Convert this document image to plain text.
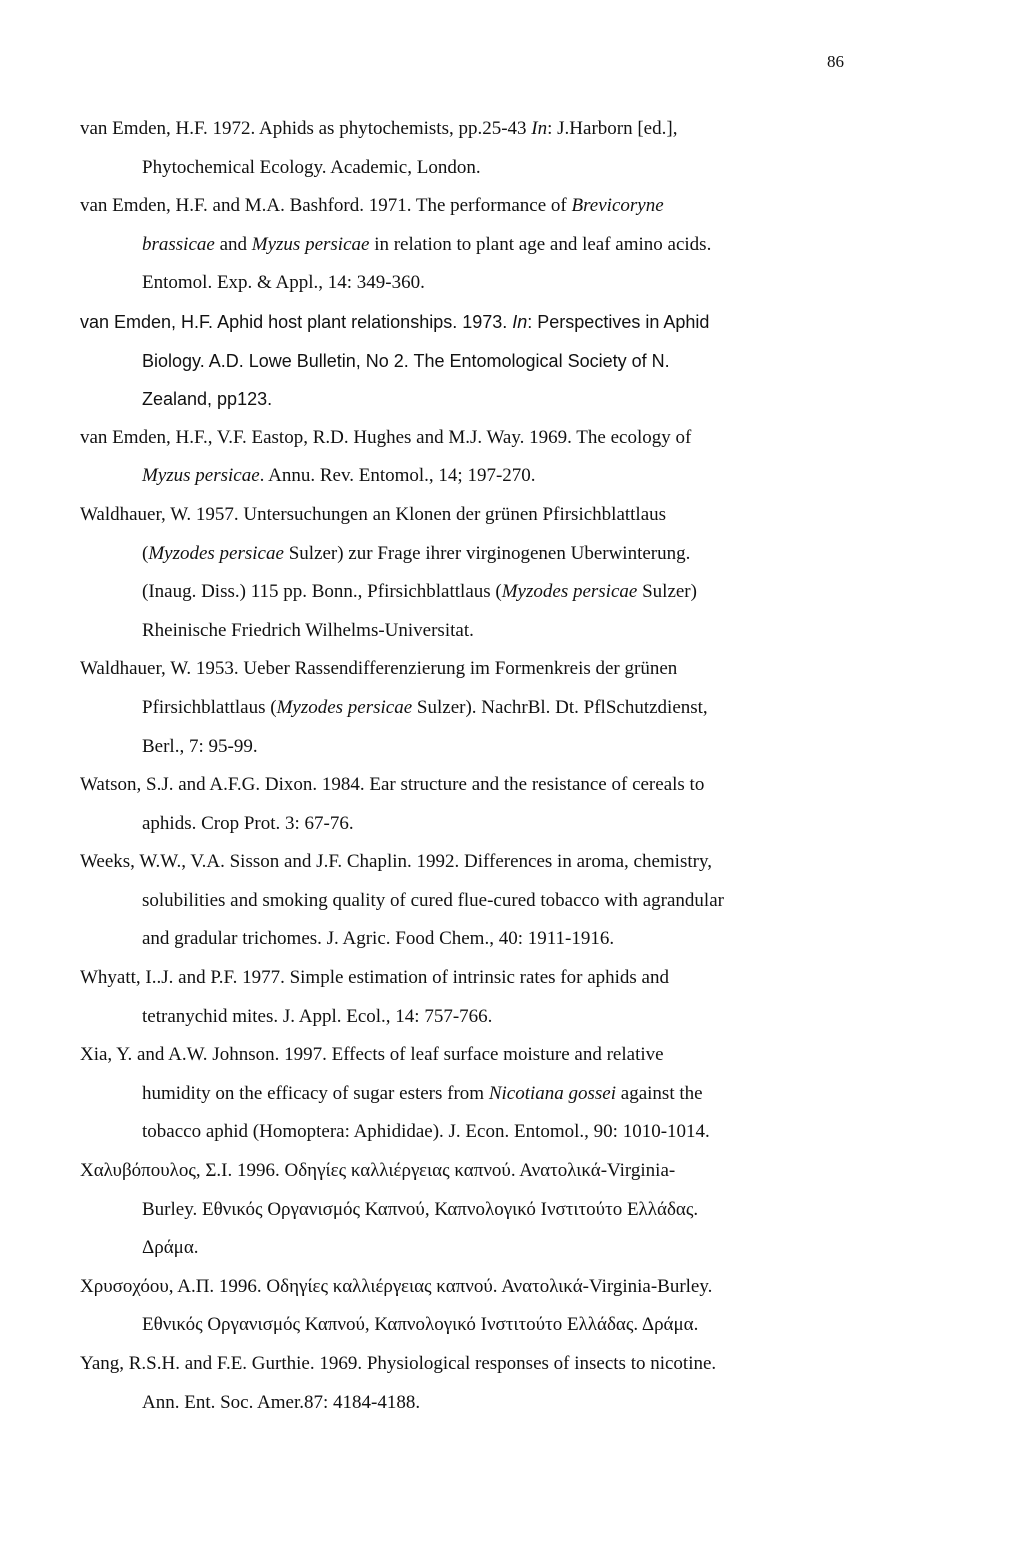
86

van Emden, H.F. 1972. Aphids as phytochemists, pp.25-43 In: J.Harborn [ed.],
Phytochemical Ecology. Academic, London.

van Emden, H.F. and M.A. Bashford. 1971. The performance of Brevicoryne
brassicae and Myzus persicae in relation to plant age and leaf amino acids.
Entomol. Exp. & Appl., 14: 349-360.

van Emden, H.F. Aphid host plant relationships. 1973. In: Perspectives in Aphid
Biology. A.D. Lowe Bulletin, No 2. The Entomological Society of N.
Zealand, pp123.

van Emden, H.F., V.F. Eastop, R.D. Hughes and M.J. Way. 1969. The ecology of
Myzus persicae. Annu. Rev. Entomol., 14; 197-270.

Waldhauer, W. 1957. Untersuchungen an Klonen der grünen Pfirsichblattlaus
(Myzodes persicae Sulzer) zur Frage ihrer virginogenen Uberwinterung.
(Inaug. Diss.) 115 pp. Bonn., Pfirsichblattlaus (Myzodes persicae Sulzer)
Rheinische Friedrich Wilhelms-Universitat.

Waldhauer, W. 1953. Ueber Rassendifferenzierung im Formenkreis der grünen
Pfirsichblattlaus (Myzodes persicae Sulzer). NachrBl. Dt. PflSchutzdienst,
Berl., 7: 95-99.

Watson, S.J. and A.F.G. Dixon. 1984. Ear structure and the resistance of cereals to
aphids. Crop Prot. 3: 67-76.

Weeks, W.W., V.A. Sisson and J.F. Chaplin. 1992. Differences in aroma, chemistry,
solubilities and smoking quality of cured flue-cured tobacco with agrandular
and gradular trichomes. J. Agric. Food Chem., 40: 1911-1916.

Whyatt, I..J. and P.F. 1977. Simple estimation of intrinsic rates for aphids and
tetranychid mites. J. Appl. Ecol., 14: 757-766.

Xia, Y. and A.W. Johnson. 1997. Effects of leaf surface moisture and relative
humidity on the efficacy of sugar esters from Nicotiana gossei against the
tobacco aphid (Homoptera: Aphididae). J. Econ. Entomol., 90: 1010-1014.

Χαλυβόπουλος, Σ.Ι. 1996. Οδηγίες καλλιέργειας καπνού. Ανατολικά-Virginia-
Burley. Εθνικός Οργανισμός Καπνού, Καπνολογικό Ινστιτούτο Ελλάδας.
Δράμα.

Χρυσοχόου, Α.Π. 1996. Οδηγίες καλλιέργειας καπνού. Ανατολικά-Virginia-Burley.
Εθνικός Οργανισμός Καπνού, Καπνολογικό Ινστιτούτο Ελλάδας. Δράμα.

Yang, R.S.H. and F.E. Gurthie. 1969. Physiological responses of insects to nicotine.
Ann. Ent. Soc. Amer.87: 4184-4188.
